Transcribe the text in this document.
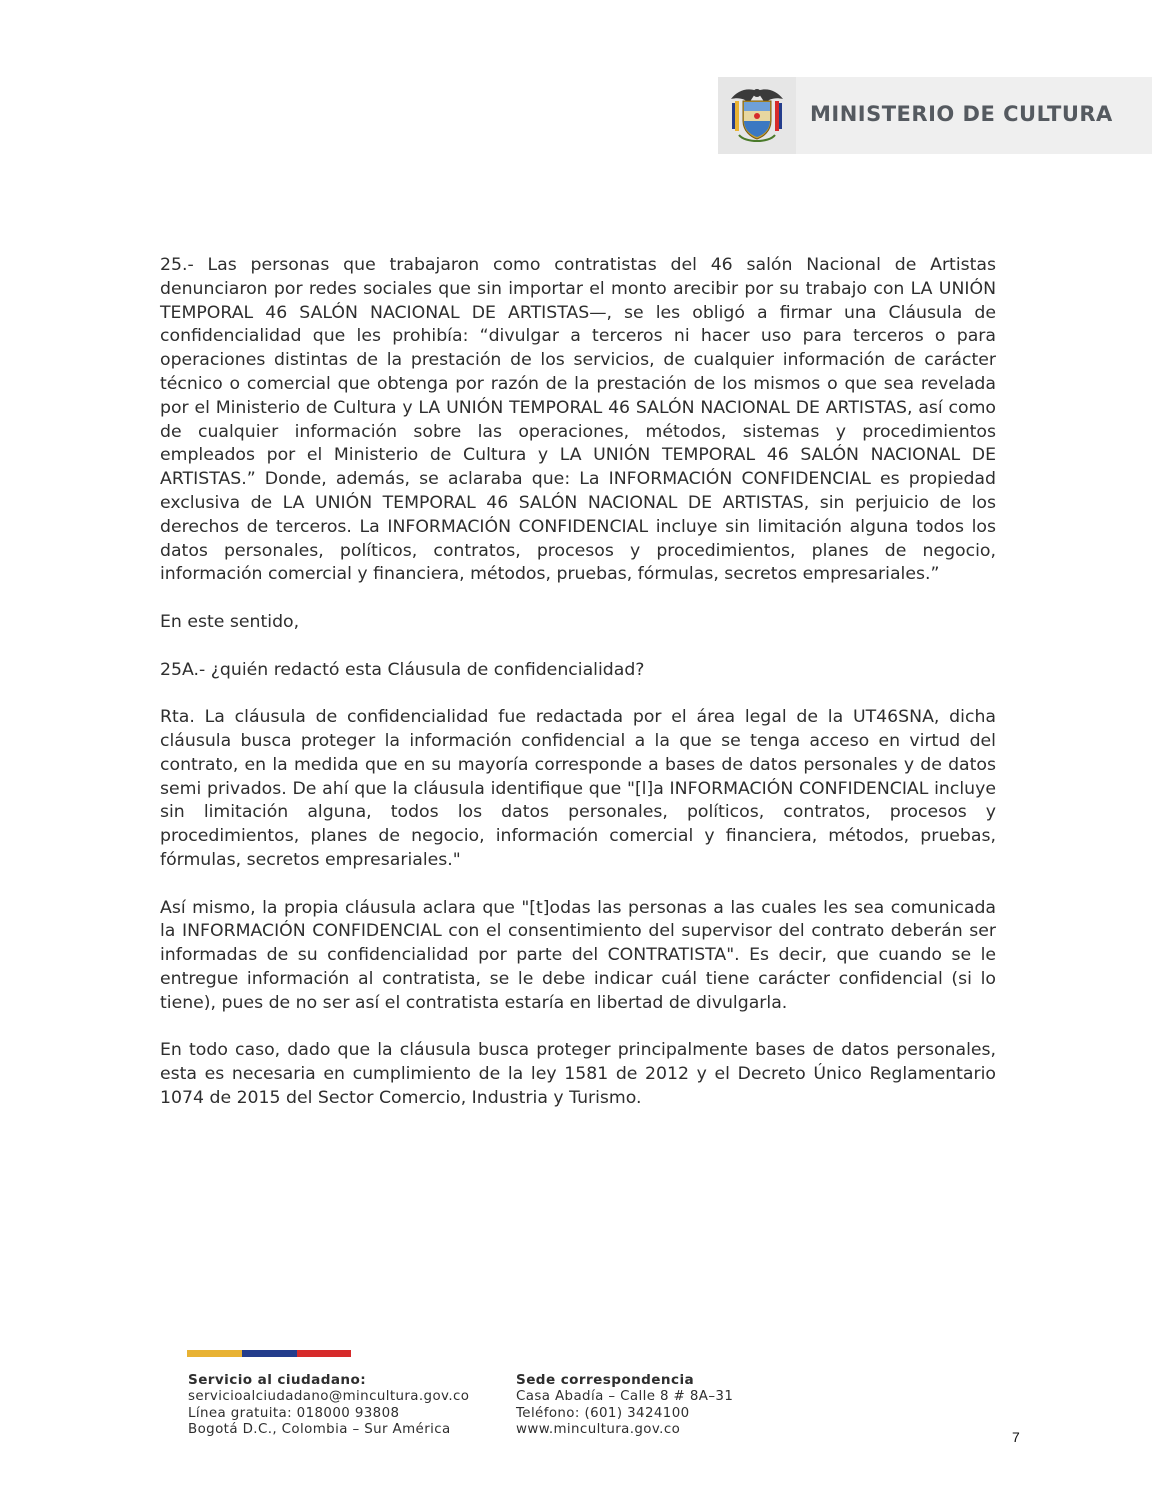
MINISTERIO DE CULTURA

25.- Las personas que trabajaron como contratistas del 46 salón Nacional de Artistas denunciaron por redes sociales que sin importar el monto arecibir por su trabajo con LA UNIÓN TEMPORAL 46 SALÓN NACIONAL DE ARTISTAS—, se les obligó a firmar una Cláusula de confidencialidad que les prohibía: “divulgar a terceros ni hacer uso para terceros o para operaciones distintas de la prestación de los servicios, de cualquier información de carácter técnico o comercial que obtenga por razón de la prestación de los mismos o que sea revelada por el Ministerio de Cultura y LA UNIÓN TEMPORAL 46 SALÓN NACIONAL DE ARTISTAS, así como de cualquier información sobre las operaciones, métodos, sistemas y procedimientos empleados por el Ministerio de Cultura y LA UNIÓN TEMPORAL 46 SALÓN NACIONAL DE ARTISTAS.” Donde, además, se aclaraba que: La INFORMACIÓN CONFIDENCIAL es propiedad exclusiva de LA UNIÓN TEMPORAL 46 SALÓN NACIONAL DE ARTISTAS, sin perjuicio de los derechos de terceros. La INFORMACIÓN CONFIDENCIAL incluye sin limitación alguna todos los datos personales, políticos, contratos, procesos y procedimientos, planes de negocio, información comercial y financiera, métodos, pruebas, fórmulas, secretos empresariales.”

En este sentido,

25A.- ¿quién redactó esta Cláusula de confidencialidad?

Rta. La cláusula de confidencialidad fue redactada por el área legal de la UT46SNA, dicha cláusula busca proteger la información confidencial a la que se tenga acceso en virtud del contrato, en la medida que en su mayoría corresponde a bases de datos personales y de datos semi privados. De ahí que la cláusula identifique que "[l]a INFORMACIÓN CONFIDENCIAL incluye sin limitación alguna, todos los datos personales, políticos, contratos, procesos y procedimientos, planes de negocio, información comercial y financiera, métodos, pruebas, fórmulas, secretos empresariales."

Así mismo, la propia cláusula aclara que "[t]odas las personas a las cuales les sea comunicada la INFORMACIÓN CONFIDENCIAL con el consentimiento del supervisor del contrato deberán ser informadas de su confidencialidad por parte del CONTRATISTA". Es decir, que cuando se le entregue información al contratista, se le debe indicar cuál tiene carácter confidencial (si lo tiene), pues de no ser así el contratista estaría en libertad de divulgarla.

En todo caso, dado que la cláusula busca proteger principalmente bases de datos personales, esta es necesaria en cumplimiento de la ley 1581 de 2012 y el Decreto Único Reglamentario 1074 de 2015 del Sector Comercio, Industria y Turismo.

Servicio al ciudadano:
servicioalciudadano@mincultura.gov.co
Línea gratuita: 018000 93808
Bogotá D.C., Colombia – Sur América
Sede correspondencia
Casa Abadía – Calle 8 # 8A–31
Teléfono: (601) 3424100
www.mincultura.gov.co	7
